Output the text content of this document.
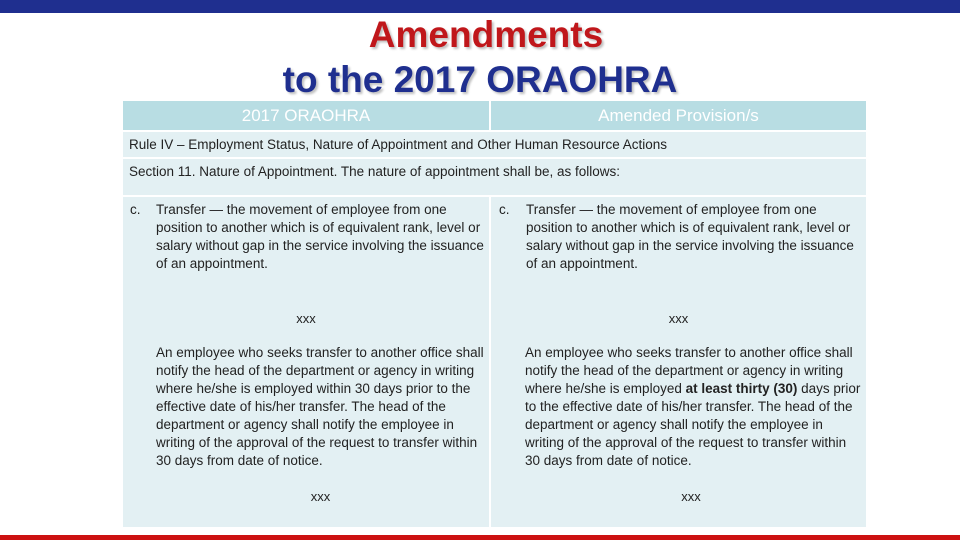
Amendments
to the 2017 ORAOHRA
2017 ORAOHRA	Amended Provision/s
Rule IV – Employment Status, Nature of Appointment and Other Human Resource Actions
Section 11. Nature of Appointment. The nature of appointment shall be, as follows:

c. Transfer — the movement of employee from one position to another which is of equivalent rank, level or salary without gap in the service involving the issuance of an appointment.

xxx

An employee who seeks transfer to another office shall notify the head of the department or agency in writing where he/she is employed within 30 days prior to the effective date of his/her transfer. The head of the department or agency shall notify the employee in writing of the approval of the request to transfer within 30 days from date of notice.

xxx

c. Transfer — the movement of employee from one position to another which is of equivalent rank, level or salary without gap in the service involving the issuance of an appointment.

xxx

An employee who seeks transfer to another office shall notify the head of the department or agency in writing where he/she is employed at least thirty (30) days prior to the effective date of his/her transfer. The head of the department or agency shall notify the employee in writing of the approval of the request to transfer within 30 days from date of notice.

xxx
